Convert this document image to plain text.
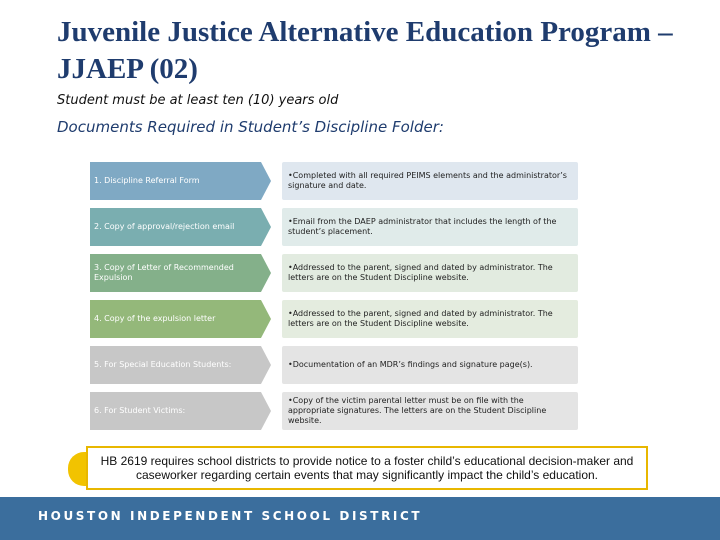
Juvenile Justice Alternative Education Program – JJAEP (02)
Student must be at least ten (10) years old
Documents Required in Student’s Discipline Folder:
1. Discipline Referral Form
•Completed with all required PEIMS elements and the administrator’s signature and date.
2. Copy of approval/rejection email
•Email from the DAEP administrator that includes the length of the student’s placement.
3. Copy of Letter of Recommended Expulsion
•Addressed to the parent, signed and dated by administrator. The letters are on the Student Discipline website.
4. Copy of the expulsion letter
•Addressed to the parent, signed and dated by administrator. The letters are on the Student Discipline website.
5. For Special Education Students:	•Documentation of an MDR’s findings and signature page(s).
6. For Student Victims:
•Copy of the victim parental letter must be on file with the appropriate signatures. The letters are on the Student Discipline website.
HB 2619 requires school districts to provide notice to a foster child’s educational decision-maker and caseworker regarding certain events that may significantly impact the child’s education.
HOUSTON INDEPENDENT SCHOOL DISTRICT
